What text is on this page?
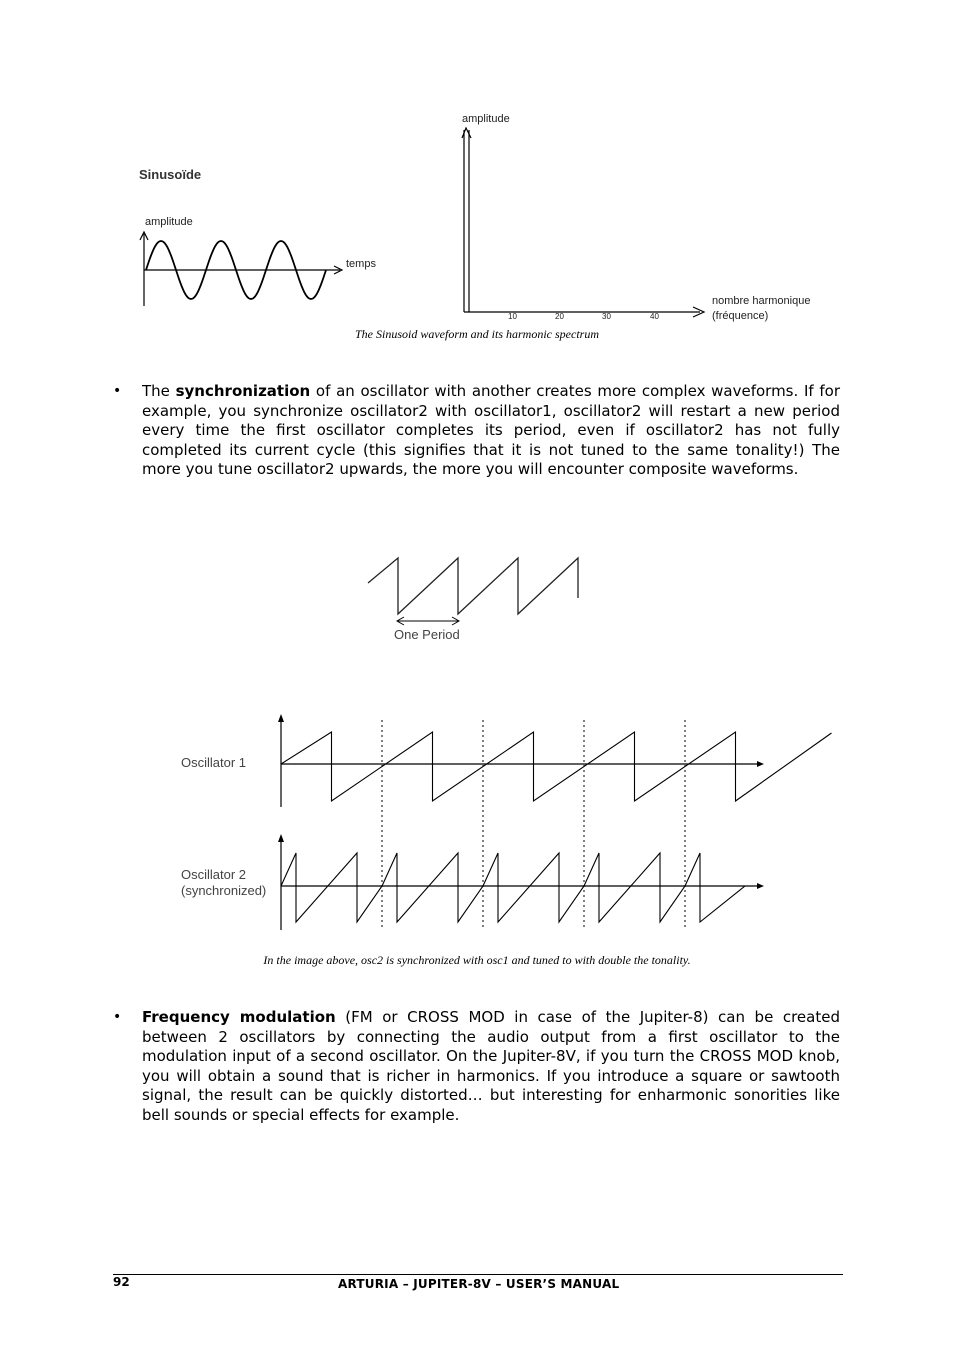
Sinusoïde
amplitude
temps
amplitude
10	20	30	40
nombre harmonique
(fréquence)
The Sinusoid waveform and its harmonic spectrum
• The synchronization of an oscillator with another creates more complex waveforms. If for example, you synchronize oscillator2 with oscillator1, oscillator2 will restart a new period every time the first oscillator completes its period, even if oscillator2 has not fully completed its current cycle (this signifies that it is not tuned to the same tonality!) The more you tune oscillator2 upwards, the more you will encounter composite waveforms.
One Period
Oscillator 1
Oscillator 2
(synchronized)
In the image above, osc2 is synchronized with osc1 and tuned to with double the tonality.
• Frequency modulation (FM or CROSS MOD in case of the Jupiter-8) can be created between 2 oscillators by connecting the audio output from a first oscillator to the modulation input of a second oscillator. On the Jupiter-8V, if you turn the CROSS MOD knob, you will obtain a sound that is richer in harmonics. If you introduce a square or sawtooth signal, the result can be quickly distorted… but interesting for enharmonic sonorities like bell sounds or special effects for example.
92	ARTURIA – JUPITER-8V – USER’S MANUAL
